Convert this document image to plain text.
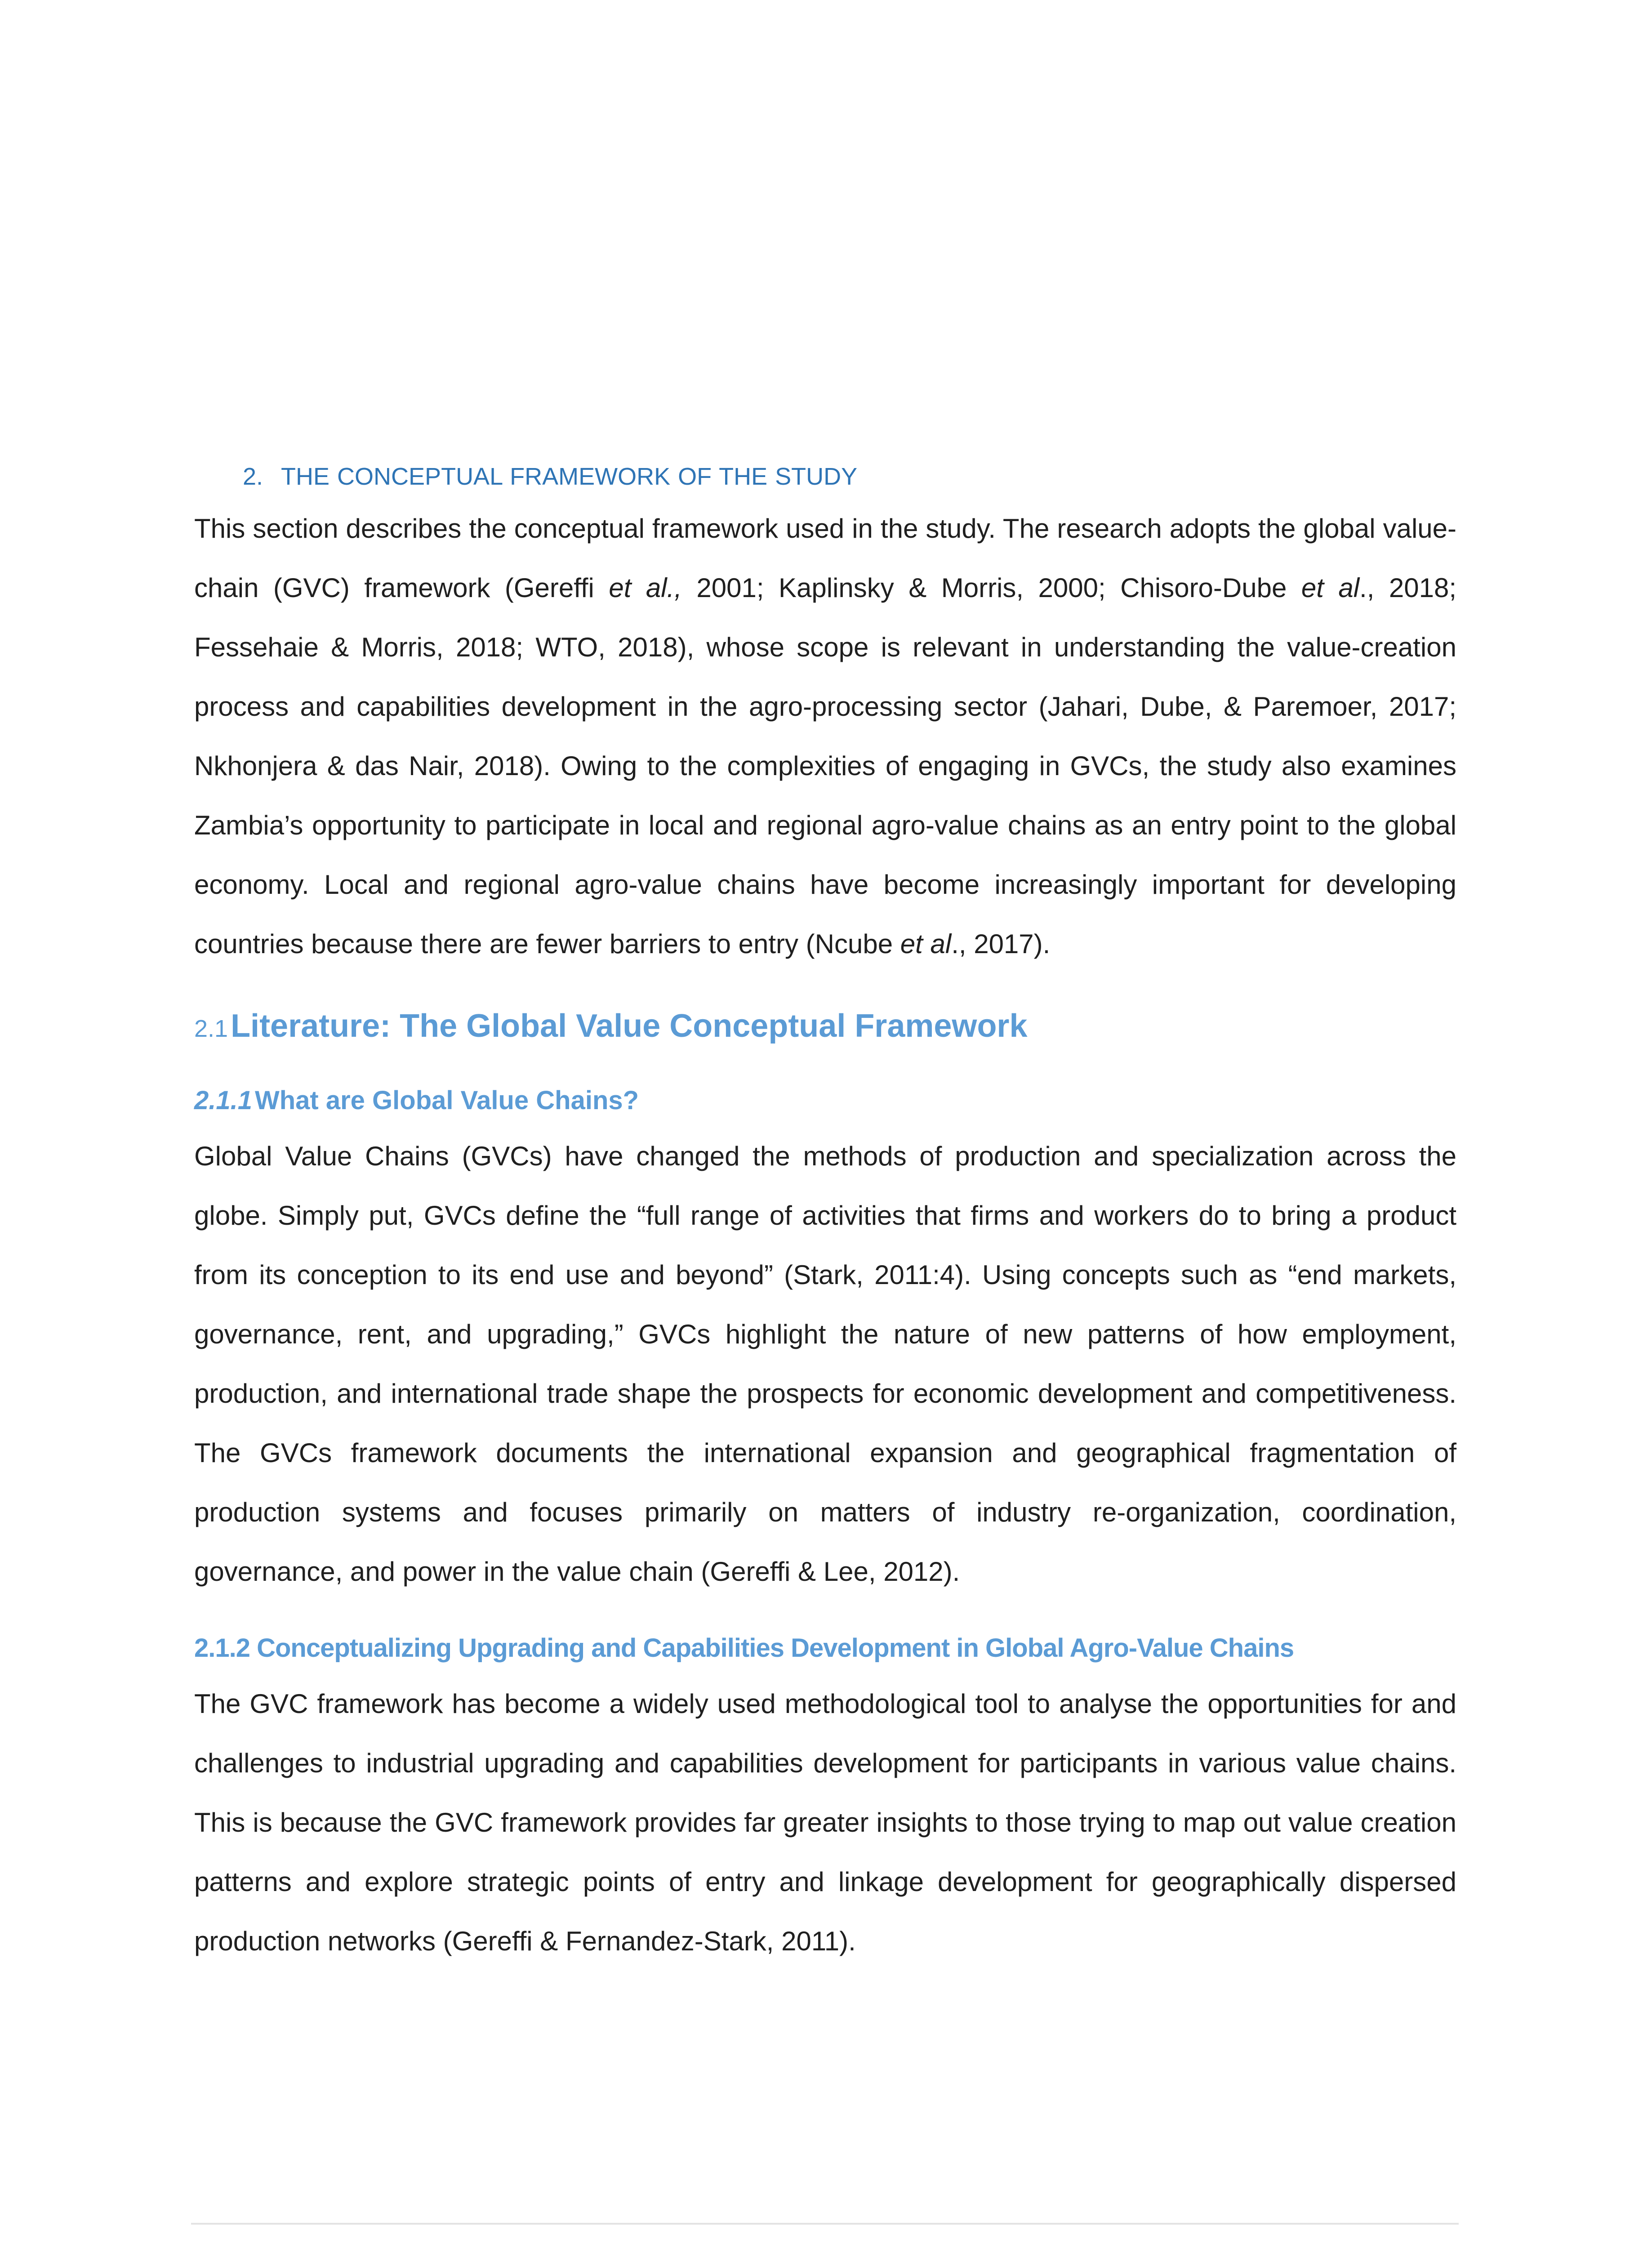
2. THE CONCEPTUAL FRAMEWORK OF THE STUDY

This section describes the conceptual framework used in the study. The research adopts the global value-chain (GVC) framework (Gereffi et al., 2001; Kaplinsky & Morris, 2000; Chisoro-Dube et al., 2018; Fessehaie & Morris, 2018; WTO, 2018), whose scope is relevant in understanding the value-creation process and capabilities development in the agro-processing sector (Jahari, Dube, & Paremoer, 2017; Nkhonjera & das Nair, 2018). Owing to the complexities of engaging in GVCs, the study also examines Zambia’s opportunity to participate in local and regional agro-value chains as an entry point to the global economy. Local and regional agro-value chains have become increasingly important for developing countries because there are fewer barriers to entry (Ncube et al., 2017).

2.1Literature: The Global Value Conceptual Framework
2.1.1 What are Global Value Chains?

Global Value Chains (GVCs) have changed the methods of production and specialization across the globe. Simply put, GVCs define the “full range of activities that firms and workers do to bring a product from its conception to its end use and beyond” (Stark, 2011:4). Using concepts such as “end markets, governance, rent, and upgrading,” GVCs highlight the nature of new patterns of how employment, production, and international trade shape the prospects for economic development and competitiveness. The GVCs framework documents the international expansion and geographical fragmentation of production systems and focuses primarily on matters of industry re-organization, coordination, governance, and power in the value chain (Gereffi & Lee, 2012).

2.1.2 Conceptualizing Upgrading and Capabilities Development in Global Agro-Value Chains

The GVC framework has become a widely used methodological tool to analyse the opportunities for and challenges to industrial upgrading and capabilities development for participants in various value chains. This is because the GVC framework provides far greater insights to those trying to map out value creation patterns and explore strategic points of entry and linkage development for geographically dispersed production networks (Gereffi & Fernandez-Stark, 2011).
